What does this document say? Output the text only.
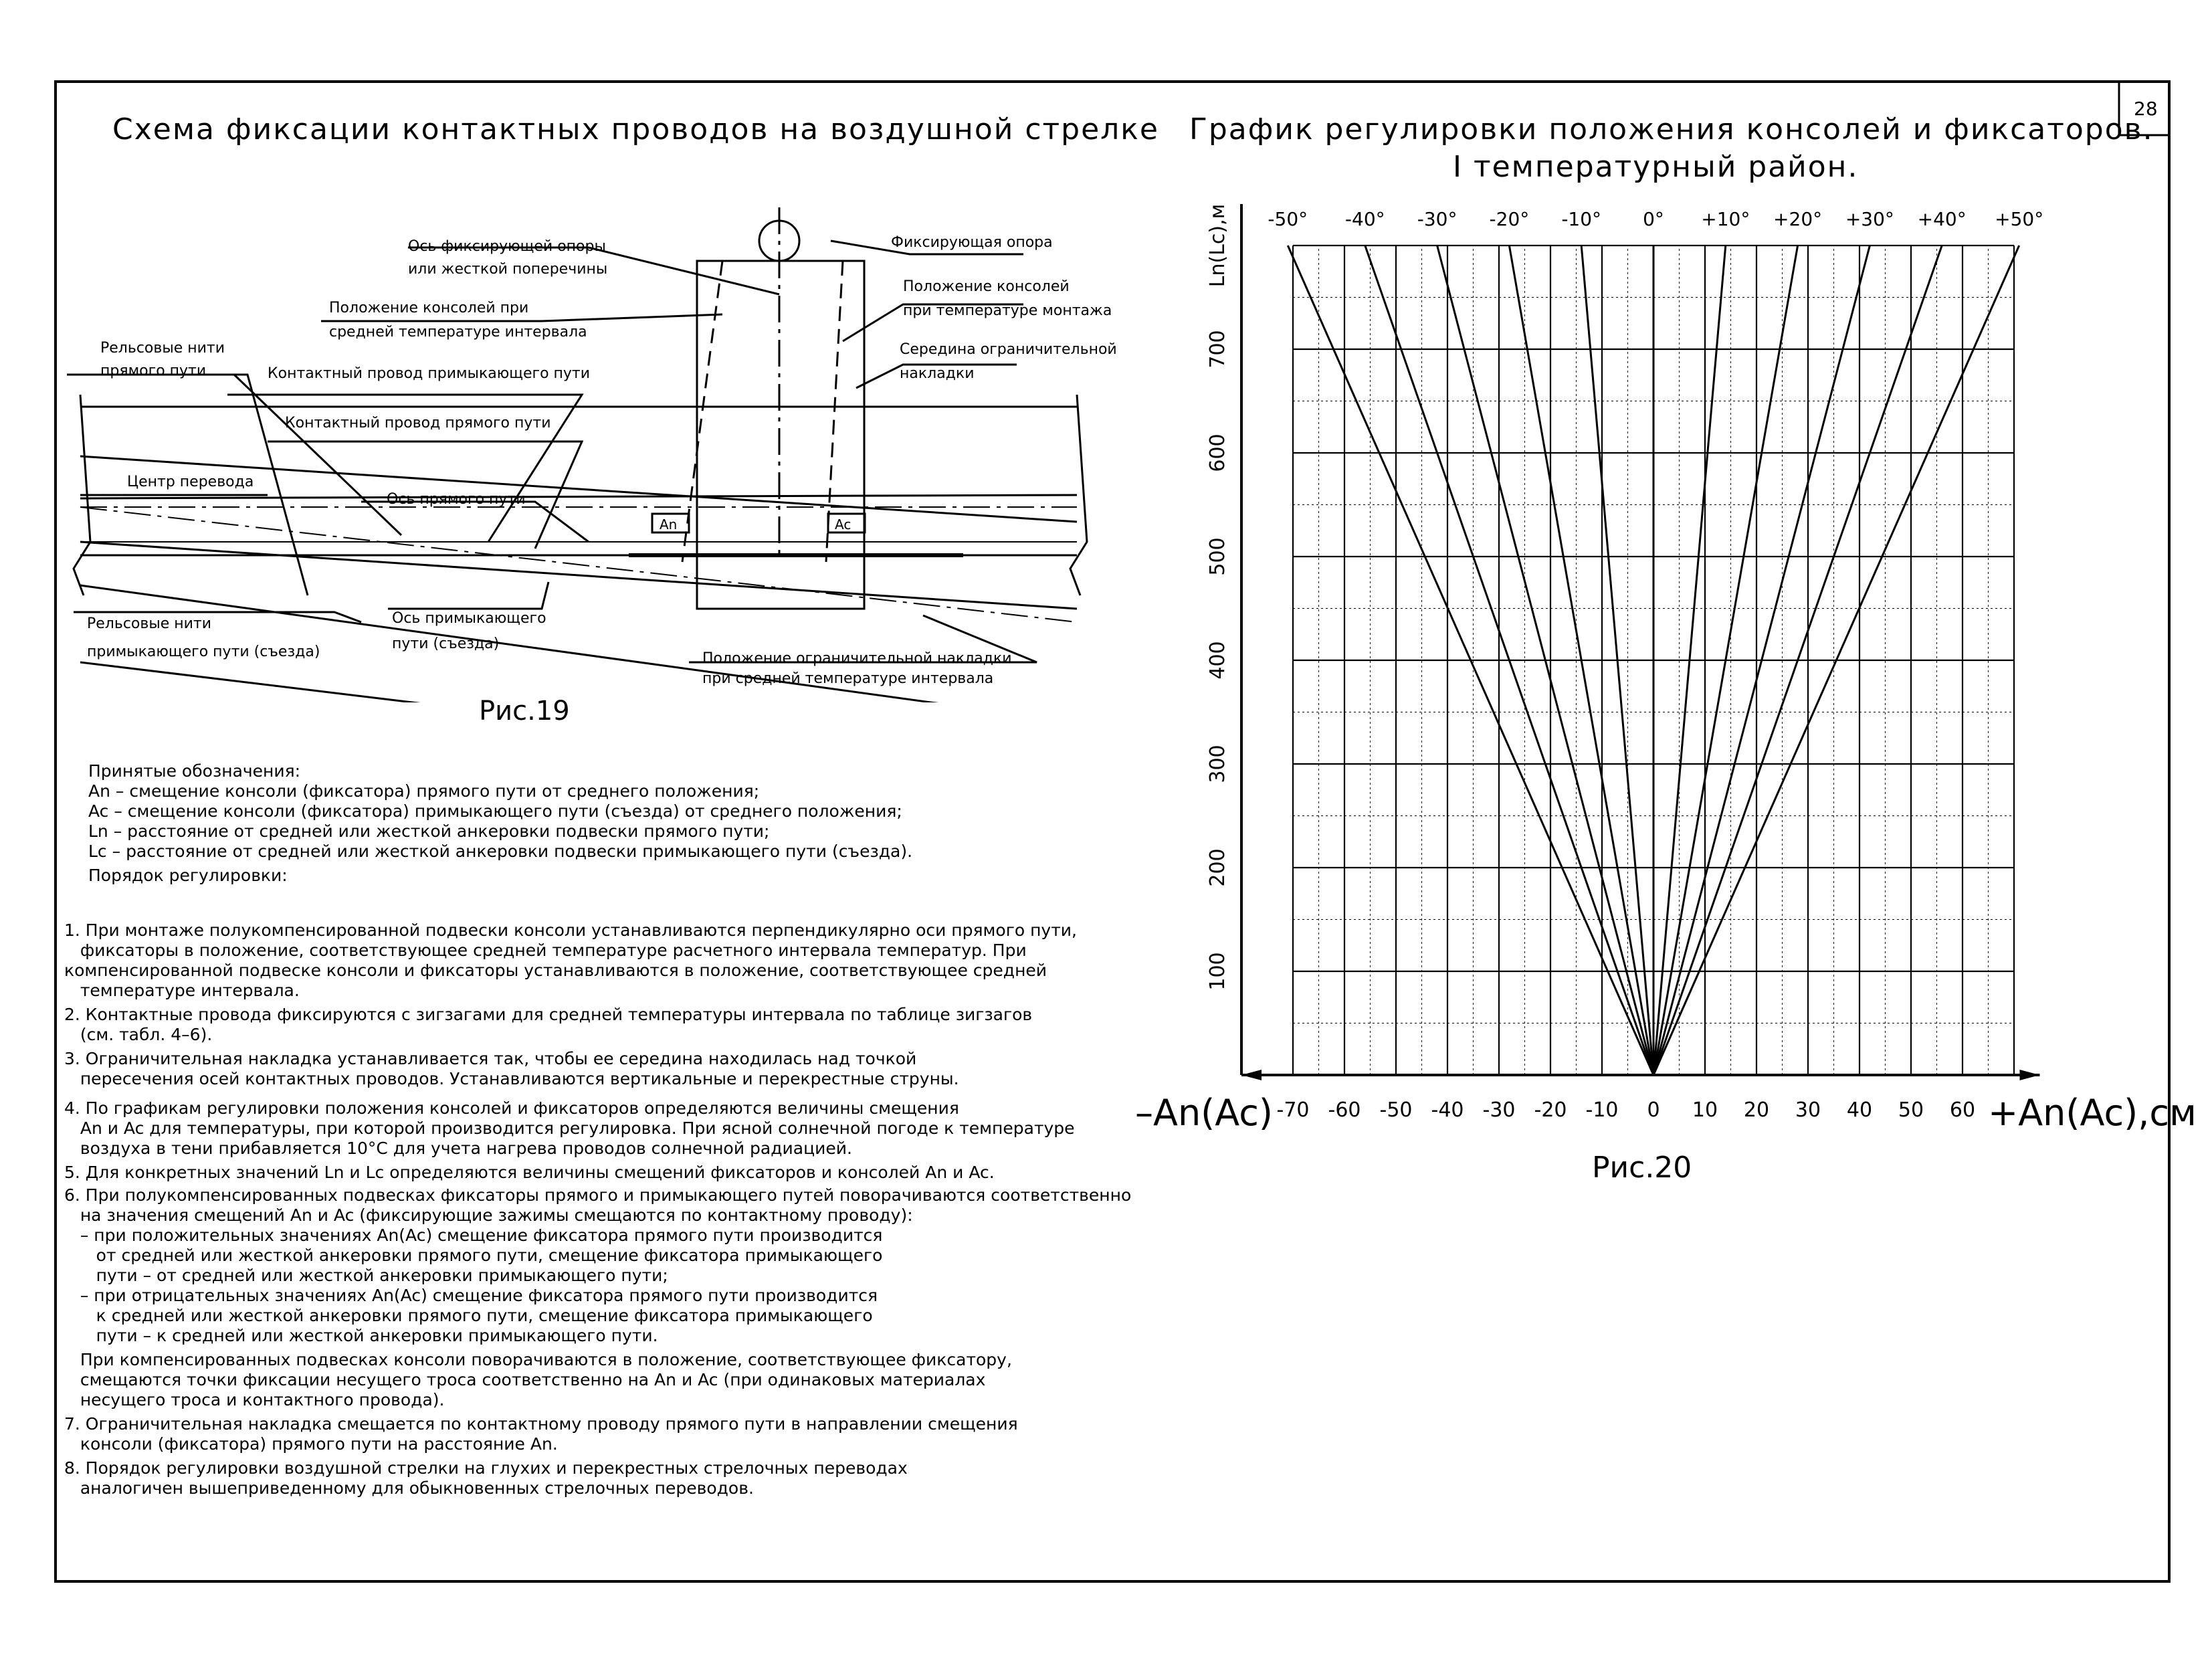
28
Схема фиксации контактных проводов на воздушной стрелке График регулировки положения консолей и фиксаторов.
I температурный район.
Ось фиксирующей опоры
или жесткой поперечины
Фиксирующая опора
Положение консолей при
средней температуре интервала
Положение консолей
при температуре монтажа
Рельсовые нити
прямого пути	Контактный провод примыкающего пути
Середина ограничительной
накладки
Контактный провод прямого пути
Центр перевода
Ось прямого пути
An	Ac
Рельсовые нити
примыкающего пути (съезда)
Ось примыкающего
пути (съезда)
Положение ограничительной накладки
при средней температуре интервала
Рис.19
Принятые обозначения:
An – смещение консоли (фиксатора) прямого пути от среднего положения;
Ac – смещение консоли (фиксатора) примыкающего пути (съезда) от среднего положения;
Ln – расстояние от средней или жесткой анкеровки подвески прямого пути;
Lc – расстояние от средней или жесткой анкеровки подвески примыкающего пути (съезда).
Порядок регулировки:
1. При монтаже полукомпенсированной подвески консоли устанавливаются перпендикулярно оси прямого пути,
фиксаторы в положение, соответствующее средней температуре расчетного интервала температур. При
компенсированной подвеске консоли и фиксаторы устанавливаются в положение, соответствующее средней
температуре интервала.
2. Контактные провода фиксируются с зигзагами для средней температуры интервала по таблице зигзагов
(см. табл. 4–6).
3. Ограничительная накладка устанавливается так, чтобы ее середина находилась над точкой
пересечения осей контактных проводов. Устанавливаются вертикальные и перекрестные струны.
4. По графикам регулировки положения консолей и фиксаторов определяются величины смещения
An и Ac для температуры, при которой производится регулировка. При ясной солнечной погоде к температуре
воздуха в тени прибавляется 10°С для учета нагрева проводов солнечной радиацией.
5. Для конкретных значений Ln и Lc определяются величины смещений фиксаторов и консолей An и Ac.
6. При полукомпенсированных подвесках фиксаторы прямого и примыкающего путей поворачиваются соответственно
на значения смещений An и Ac (фиксирующие зажимы смещаются по контактному проводу):
– при положительных значениях An(Ac) смещение фиксатора прямого пути производится
от средней или жесткой анкеровки прямого пути, смещение фиксатора примыкающего
пути – от средней или жесткой анкеровки примыкающего пути;
– при отрицательных значениях An(Ac) смещение фиксатора прямого пути производится
к средней или жесткой анкеровки прямого пути, смещение фиксатора примыкающего
пути – к средней или жесткой анкеровки примыкающего пути.
При компенсированных подвесках консоли поворачиваются в положение, соответствующее фиксатору,
смещаются точки фиксации несущего троса соответственно на An и Ac (при одинаковых материалах
несущего троса и контактного провода).
7. Ограничительная накладка смещается по контактному проводу прямого пути в направлении смещения
консоли (фиксатора) прямого пути на расстояние An.
8. Порядок регулировки воздушной стрелки на глухих и перекрестных стрелочных переводах
аналогичен вышеприведенному для обыкновенных стрелочных переводов.
-70 -60 -50 -40 -30 -20 -10 0 10 20 30 40 50 60
100
200
300
400
500
600
700
Ln(Lc),м
–An(Ac)	+An(Ac),см
-50° -40° -30° -20° -10° 0° +10° +20° +30° +40° +50°
Рис.20
